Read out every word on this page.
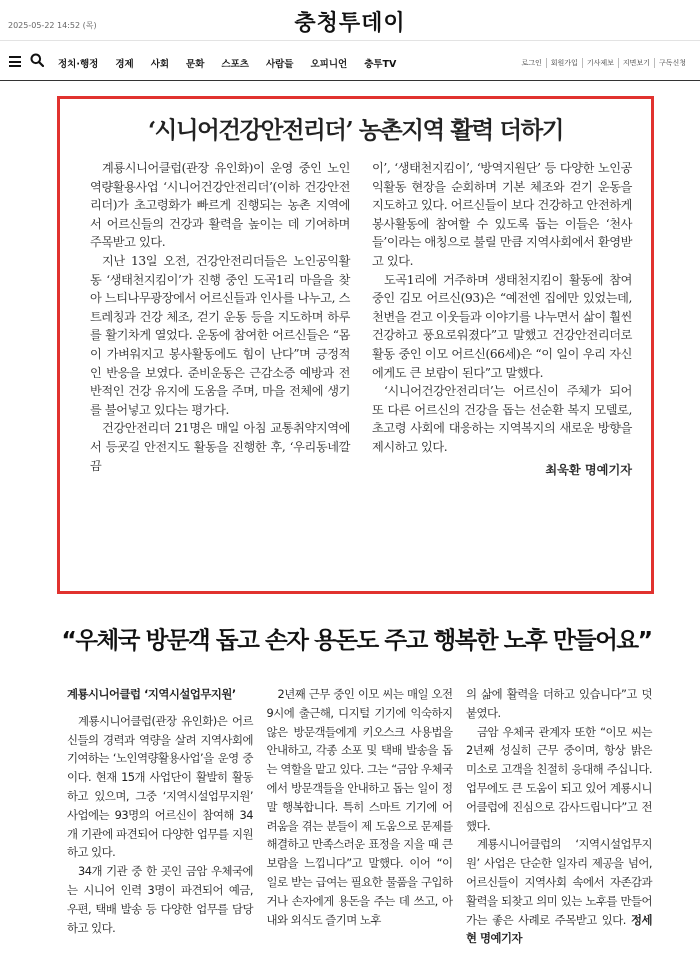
2025-05-22 14:52 (목)	충청투데이
정치·행정 경제 사회 문화 스포츠 사람들 오피니언 충투TV	로그인	회원가입	기사제보	지면보기	구독신청
‘시니어건강안전리더’ 농촌지역 활력 더하기

계룡시니어클럽(관장 유인화)이 운영 중인 노인역량활용사업 ‘시니어건강안전리더’(이하 건강안전리더)가 초고령화가 빠르게 진행되는 농촌 지역에서 어르신들의 건강과 활력을 높이는 데 기여하며 주목받고 있다.

지난 13일 오전, 건강안전리더들은 노인공익활동 ‘생태천지킴이’가 진행 중인 도곡1리 마을을 찾아 느티나무광장에서 어르신들과 인사를 나누고, 스트레칭과 건강 체조, 걷기 운동 등을 지도하며 하루를 활기차게 열었다. 운동에 참여한 어르신들은 “몸이 가벼워지고 봉사활동에도 힘이 난다”며 긍정적인 반응을 보였다. 준비운동은 근감소증 예방과 전반적인 건강 유지에 도움을 주며, 마을 전체에 생기를 불어넣고 있다는 평가다.

건강안전리더 21명은 매일 아침 교통취약지역에서 등굣길 안전지도 활동을 진행한 후, ‘우리동네깔끔

이’, ‘생태천지킴이’, ‘방역지원단’ 등 다양한 노인공익활동 현장을 순회하며 기본 체조와 걷기 운동을 지도하고 있다. 어르신들이 보다 건강하고 안전하게 봉사활동에 참여할 수 있도록 돕는 이들은 ‘천사들’이라는 애칭으로 불릴 만큼 지역사회에서 환영받고 있다.

도곡1리에 거주하며 생태천지킴이 활동에 참여 중인 김모 어르신(93)은 “예전엔 집에만 있었는데, 천변을 걷고 이웃들과 이야기를 나누면서 삶이 훨씬 건강하고 풍요로워졌다”고 말했고 건강안전리더로 활동 중인 이모 어르신(66세)은 “이 일이 우리 자신에게도 큰 보람이 된다”고 말했다.

‘시니어건강안전리더’는 어르신이 주체가 되어 또 다른 어르신의 건강을 돕는 선순환 복지 모델로, 초고령 사회에 대응하는 지역복지의 새로운 방향을 제시하고 있다.

최욱환 명예기자
“우체국 방문객 돕고 손자 용돈도 주고 행복한 노후 만들어요”

계룡시니어클럽 ‘지역시설업무지원’

계룡시니어클럽(관장 유인화)은 어르신들의 경력과 역량을 살려 지역사회에 기여하는 ‘노인역량활용사업’을 운영 중이다. 현재 15개 사업단이 활발히 활동하고 있으며, 그중 ‘지역시설업무지원’ 사업에는 93명의 어르신이 참여해 34개 기관에 파견되어 다양한 업무를 지원하고 있다.

34개 기관 중 한 곳인 금암 우체국에는 시니어 인력 3명이 파견되어 예금, 우편, 택배 발송 등 다양한 업무를 담당하고 있다.

2년째 근무 중인 이모 씨는 매일 오전 9시에 출근해, 디지털 기기에 익숙하지 않은 방문객들에게 키오스크 사용법을 안내하고, 각종 소포 및 택배 발송을 돕는 역할을 맡고 있다. 그는 “금암 우체국에서 방문객들을 안내하고 돕는 일이 정말 행복합니다. 특히 스마트 기기에 어려움을 겪는 분들이 제 도움으로 문제를 해결하고 만족스러운 표정을 지을 때 큰 보람을 느낍니다”고 말했다. 이어 “이 일로 받는 급여는 필요한 물품을 구입하거나 손자에게 용돈을 주는 데 쓰고, 아내와 외식도 즐기며 노후

의 삶에 활력을 더하고 있습니다”고 덧붙였다.

금암 우체국 관계자 또한 “이모 씨는 2년째 성실히 근무 중이며, 항상 밝은 미소로 고객을 친절히 응대해 주십니다. 업무에도 큰 도움이 되고 있어 계룡시니어클럽에 진심으로 감사드립니다”고 전했다.

계룡시니어클럽의 ‘지역시설업무지원’ 사업은 단순한 일자리 제공을 넘어, 어르신들이 지역사회 속에서 자존감과 활력을 되찾고 의미 있는 노후를 만들어 가는 좋은 사례로 주목받고 있다. 정세현 명예기자
